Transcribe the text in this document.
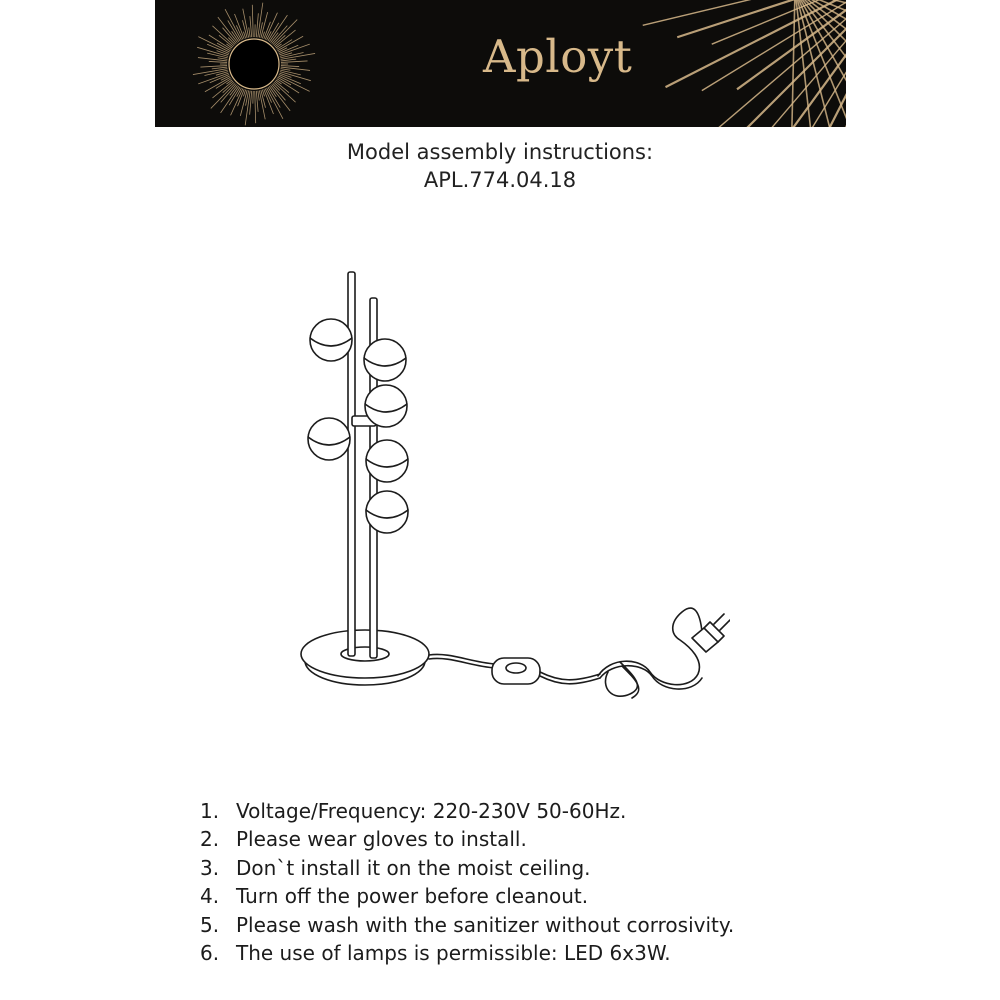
Aployt
Model assembly instructions:
APL.774.04.18
1. Voltage/Frequency: 220-230V 50-60Hz.
2. Please wear gloves to install.
3. Don`t install it on the moist ceiling.
4. Turn off the power before cleanout.
5. Please wash with the sanitizer without corrosivity.
6. The use of lamps is permissible: LED 6x3W.
